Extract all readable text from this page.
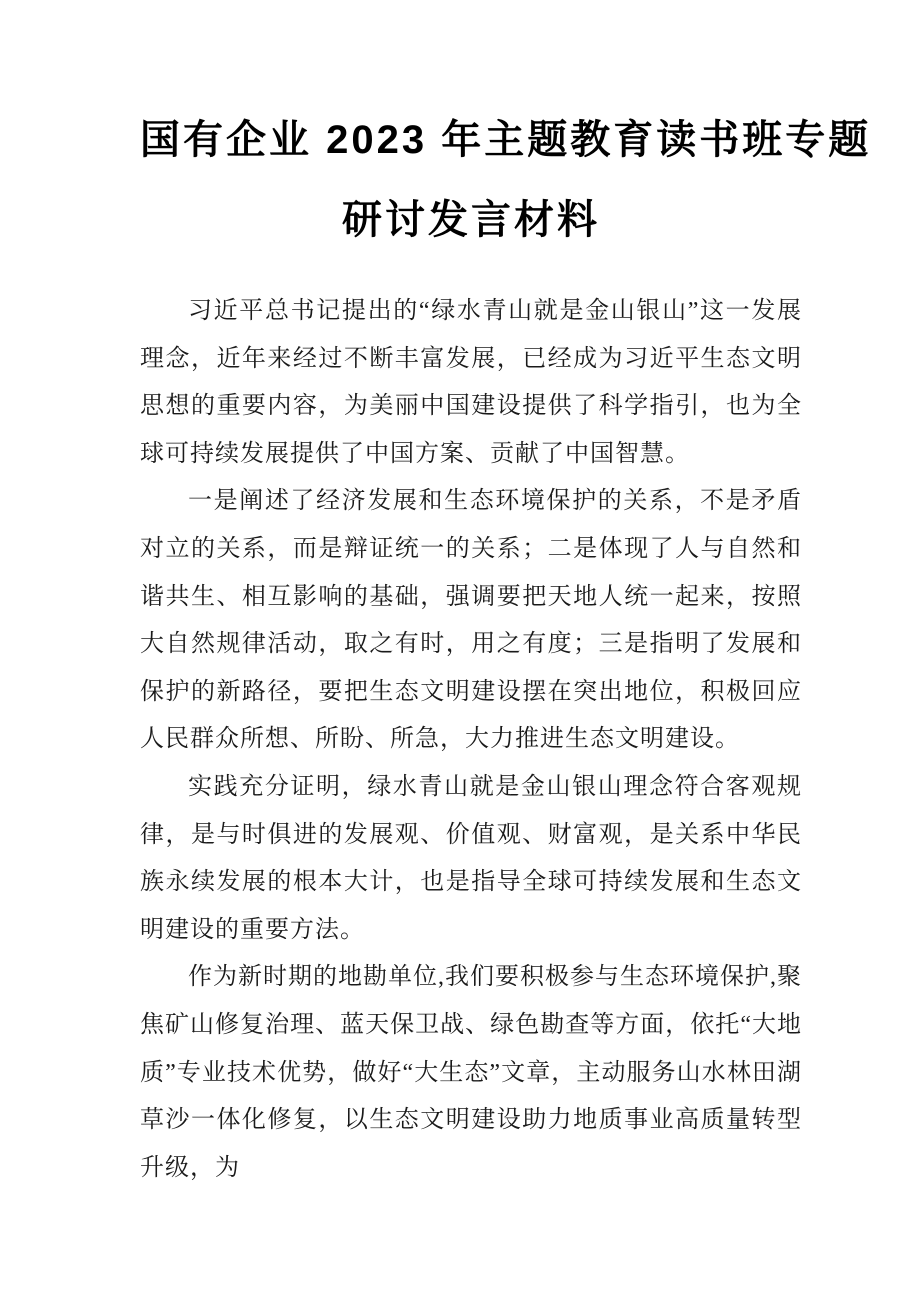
国有企业 2023 年主题教育读书班专题
研讨发言材料

习近平总书记提出的“绿水青山就是金山银山”这一发展理念，近年来经过不断丰富发展，已经成为习近平生态文明思想的重要内容，为美丽中国建设提供了科学指引，也为全球可持续发展提供了中国方案、贡献了中国智慧。

一是阐述了经济发展和生态环境保护的关系，不是矛盾对立的关系，而是辩证统一的关系；二是体现了人与自然和谐共生、相互影响的基础，强调要把天地人统一起来，按照大自然规律活动，取之有时，用之有度；三是指明了发展和保护的新路径，要把生态文明建设摆在突出地位，积极回应人民群众所想、所盼、所急，大力推进生态文明建设。

实践充分证明，绿水青山就是金山银山理念符合客观规律，是与时俱进的发展观、价值观、财富观，是关系中华民族永续发展的根本大计，也是指导全球可持续发展和生态文明建设的重要方法。

作为新时期的地勘单位,我们要积极参与生态环境保护,聚焦矿山修复治理、蓝天保卫战、绿色勘查等方面，依托“大地质”专业技术优势，做好“大生态”文章，主动服务山水林田湖草沙一体化修复，以生态文明建设助力地质事业高质量转型升级，为
